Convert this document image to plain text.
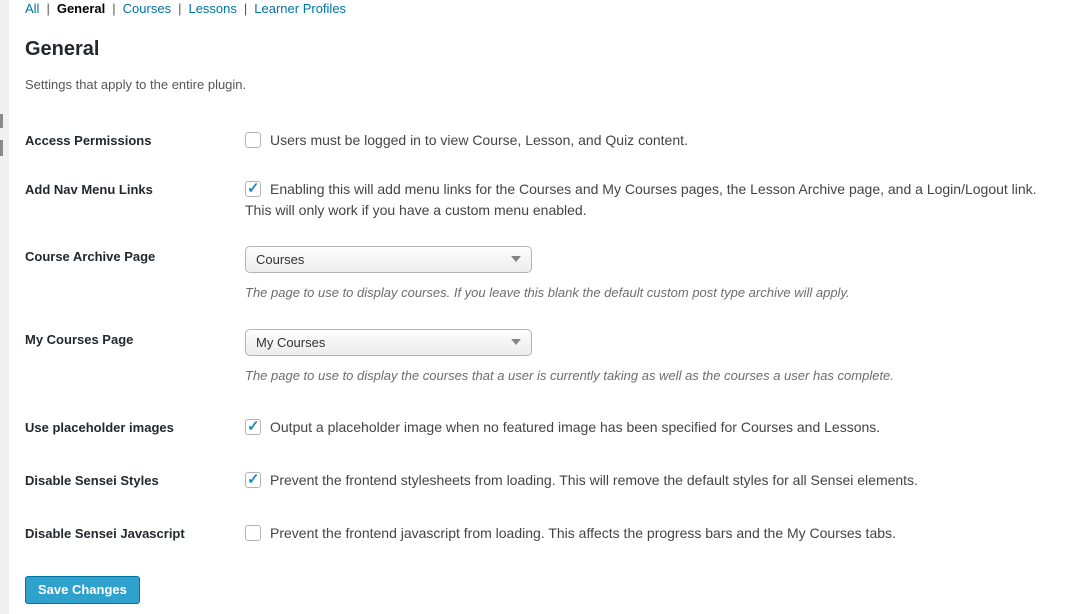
All | General | Courses | Lessons | Learner Profiles
General

Settings that apply to the entire plugin.

Access Permissions	Users must be logged in to view Course, Lesson, and Quiz content.
Add Nav Menu Links	✓ Enabling this will add menu links for the Courses and My Courses pages, the Lesson Archive page, and a Login/Logout link. This will only work if you have a custom menu enabled.
Course Archive Page	Courses

The page to use to display courses. If you leave this blank the default custom post type archive will apply.

My Courses Page	My Courses

The page to use to display the courses that a user is currently taking as well as the courses a user has complete.

Use placeholder images	✓ Output a placeholder image when no featured image has been specified for Courses and Lessons.
Disable Sensei Styles	✓ Prevent the frontend stylesheets from loading. This will remove the default styles for all Sensei elements.
Disable Sensei Javascript	Prevent the frontend javascript from loading. This affects the progress bars and the My Courses tabs.
Save Changes
